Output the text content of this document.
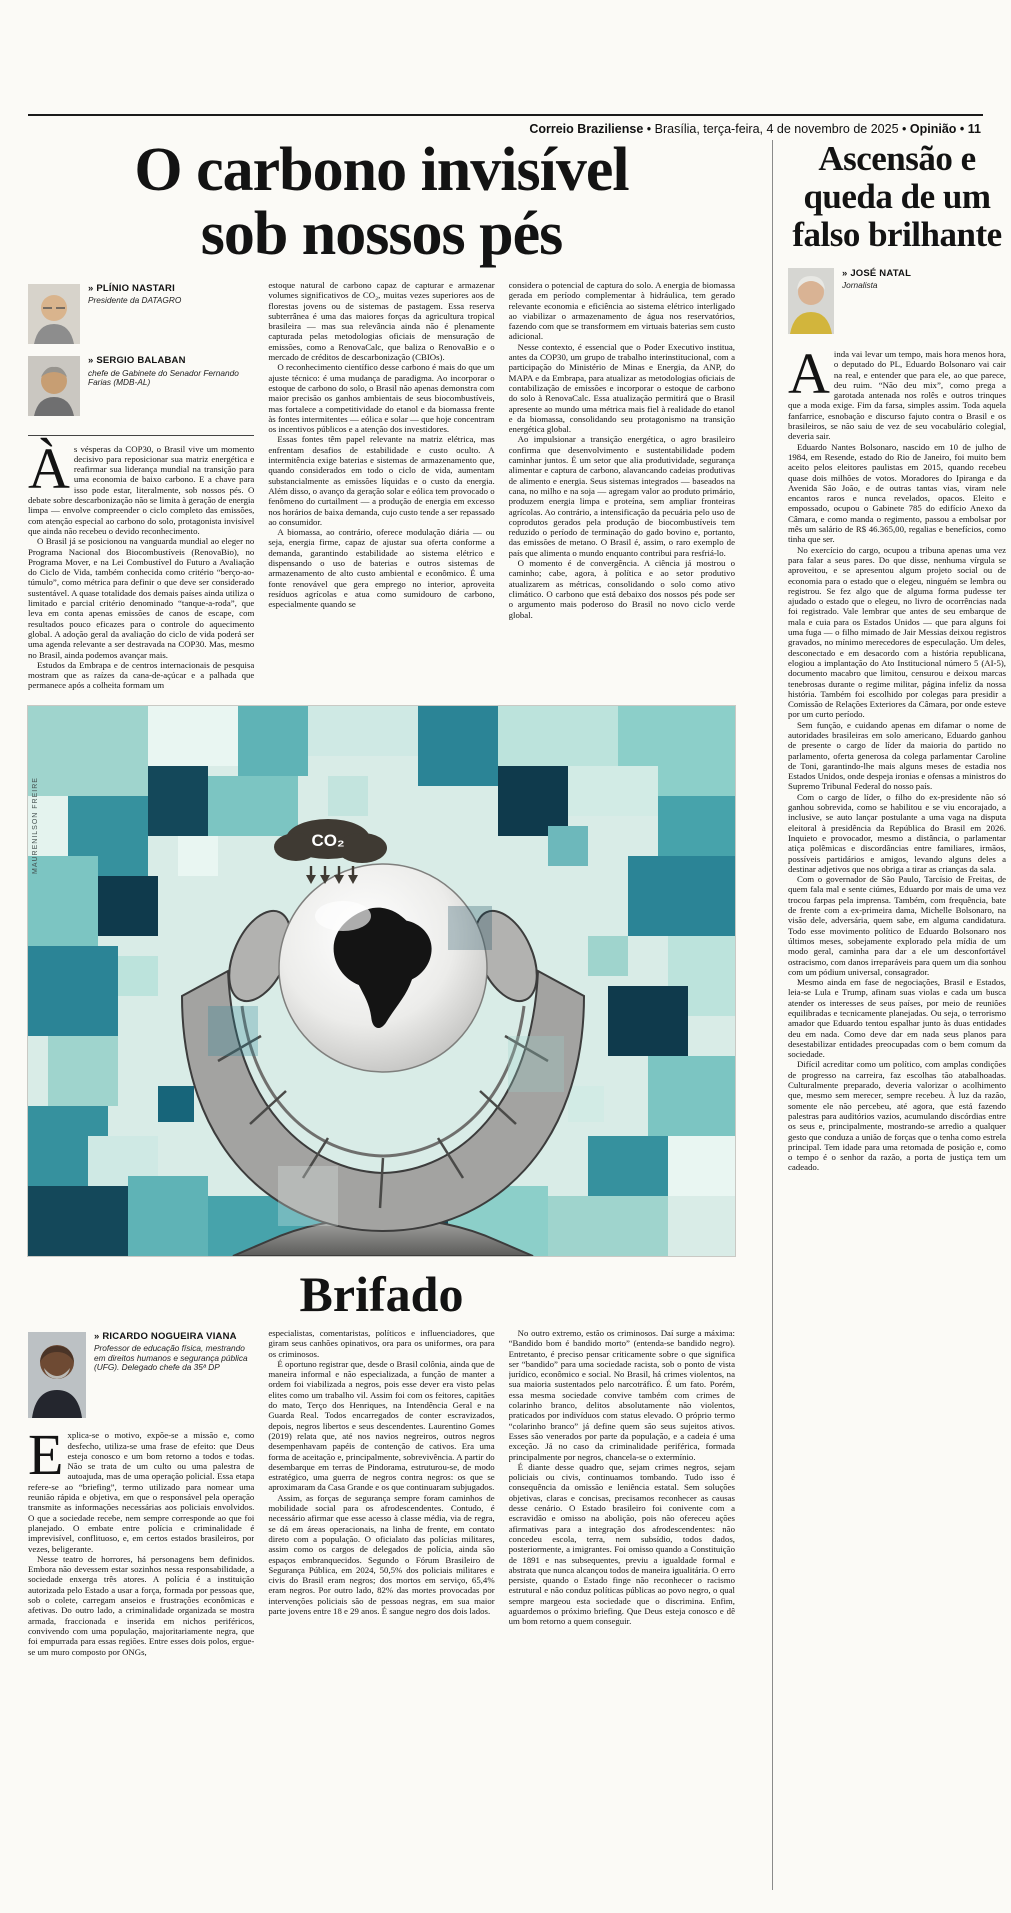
Correio Braziliense • Brasília, terça-feira, 4 de novembro de 2025 • Opinião • 11
O carbono invisível
sob nossos pés
» PLÍNIO NASTARI
Presidente da DATAGRO
» SERGIO BALABAN
chefe de Gabinete do Senador Fernando Farias (MDB-AL)

Às vésperas da COP30, o Brasil vive um momento decisivo para reposicionar sua matriz energética e reafirmar sua liderança mundial na transição para uma economia de baixo carbono. E a chave para isso pode estar, literalmente, sob nossos pés. O debate sobre descarbonização não se limita à geração de energia limpa — envolve compreender o ciclo completo das emissões, com atenção especial ao carbono do solo, protagonista invisível que ainda não recebeu o devido reconhecimento.

O Brasil já se posicionou na vanguarda mundial ao eleger no Programa Nacional dos Biocombustíveis (RenovaBio), no Programa Mover, e na Lei Combustível do Futuro a Avaliação do Ciclo de Vida, também conhecida como critério “berço-ao-túmulo”, como métrica para definir o que deve ser considerado sustentável. A quase totalidade dos demais países ainda utiliza o limitado e parcial critério denominado “tanque-a-roda”, que leva em conta apenas emissões de canos de escape, com resultados pouco eficazes para o controle do aquecimento global. A adoção geral da avaliação do ciclo de vida poderá ser uma agenda relevante a ser destravada na COP30. Mas, mesmo no Brasil, ainda podemos avançar mais.

Estudos da Embrapa e de centros internacionais de pesquisa mostram que as raízes da cana-de-açúcar e a palhada que permanece após a colheita formam um

estoque natural de carbono capaz de capturar e armazenar volumes significativos de CO₂, muitas vezes superiores aos de florestas jovens ou de sistemas de pastagem. Essa reserva subterrânea é uma das maiores forças da agricultura tropical brasileira — mas sua relevância ainda não é plenamente capturada pelas metodologias oficiais de mensuração de emissões, como a RenovaCalc, que baliza o RenovaBio e o mercado de créditos de descarbonização (CBIOs).

O reconhecimento científico desse carbono é mais do que um ajuste técnico: é uma mudança de paradigma. Ao incorporar o estoque de carbono do solo, o Brasil não apenas demonstra com maior precisão os ganhos ambientais de seus biocombustíveis, mas fortalece a competitividade do etanol e da biomassa frente às fontes intermitentes — eólica e solar — que hoje concentram os incentivos públicos e a atenção dos investidores.

Essas fontes têm papel relevante na matriz elétrica, mas enfrentam desafios de estabilidade e custo oculto. A intermitência exige baterias e sistemas de armazenamento que, quando considerados em todo o ciclo de vida, aumentam substancialmente as emissões líquidas e o custo da energia. Além disso, o avanço da geração solar e eólica tem provocado o fenômeno do curtailment — a produção de energia em excesso nos horários de baixa demanda, cujo custo tende a ser repassado ao consumidor.

A biomassa, ao contrário, oferece modulação diária — ou seja, energia firme, capaz de ajustar sua oferta conforme a demanda, garantindo estabilidade ao sistema elétrico e dispensando o uso de baterias e outros sistemas de armazenamento de alto custo ambiental e econômico. É uma fonte renovável que gera emprego no interior, aproveita resíduos agrícolas e atua como sumidouro de carbono, especialmente quando se

considera o potencial de captura do solo. A energia de biomassa gerada em período complementar à hidráulica, tem gerado relevante economia e eficiência ao sistema elétrico interligado ao viabilizar o armazenamento de água nos reservatórios, fazendo com que se transformem em virtuais baterias sem custo adicional.

Nesse contexto, é essencial que o Poder Executivo institua, antes da COP30, um grupo de trabalho interinstitucional, com a participação do Ministério de Minas e Energia, da ANP, do MAPA e da Embrapa, para atualizar as metodologias oficiais de contabilização de emissões e incorporar o estoque de carbono do solo à RenovaCalc. Essa atualização permitirá que o Brasil apresente ao mundo uma métrica mais fiel à realidade do etanol e da biomassa, consolidando seu protagonismo na transição energética global.

Ao impulsionar a transição energética, o agro brasileiro confirma que desenvolvimento e sustentabilidade podem caminhar juntos. É um setor que alia produtividade, segurança alimentar e captura de carbono, alavancando cadeias produtivas de alimento e energia. Seus sistemas integrados — baseados na cana, no milho e na soja — agregam valor ao produto primário, produzem energia limpa e proteína, sem ampliar fronteiras agrícolas. Ao contrário, a intensificação da pecuária pelo uso de coprodutos gerados pela produção de biocombustíveis tem reduzido o período de terminação do gado bovino e, portanto, das emissões de metano. O Brasil é, assim, o raro exemplo de país que alimenta o mundo enquanto contribui para resfriá-lo.

O momento é de convergência. A ciência já mostrou o caminho; cabe, agora, à política e ao setor produtivo atualizarem as métricas, consolidando o solo como ativo climático. O carbono que está debaixo dos nossos pés pode ser o argumento mais poderoso do Brasil no novo ciclo verde global.

CO₂
MAURENILSON FREIRE
Brifado
» RICARDO NOGUEIRA VIANA
Professor de educação física, mestrando em direitos humanos e segurança pública (UFG). Delegado chefe da 35ª DP

Explica-se o motivo, expõe-se a missão e, como desfecho, utiliza-se uma frase de efeito: que Deus esteja conosco e um bom retorno a todos e todas. Não se trata de um culto ou uma palestra de autoajuda, mas de uma operação policial. Essa etapa refere-se ao “briefing”, termo utilizado para nomear uma reunião rápida e objetiva, em que o responsável pela operação transmite as informações necessárias aos policiais envolvidos. O que a sociedade recebe, nem sempre corresponde ao que foi planejado. O embate entre polícia e criminalidade é imprevisível, conflituoso, e, em certos estados brasileiros, por vezes, beligerante.

Nesse teatro de horrores, há personagens bem definidos. Embora não devessem estar sozinhos nessa responsabilidade, a sociedade enxerga três atores. A polícia é a instituição autorizada pelo Estado a usar a força, formada por pessoas que, sob o colete, carregam anseios e frustrações econômicas e afetivas. Do outro lado, a criminalidade organizada se mostra armada, fraccionada e inserida em nichos periféricos, convivendo com uma população, majoritariamente negra, que foi empurrada para essas regiões. Entre esses dois polos, ergue-se um muro composto por ONGs,

especialistas, comentaristas, políticos e influenciadores, que giram seus canhões opinativos, ora para os uniformes, ora para os criminosos.

É oportuno registrar que, desde o Brasil colônia, ainda que de maneira informal e não especializada, a função de manter a ordem foi viabilizada a negros, pois esse dever era visto pelas elites como um trabalho vil. Assim foi com os feitores, capitães do mato, Terço dos Henriques, na Intendência Geral e na Guarda Real. Todos encarregados de conter escravizados, depois, negros libertos e seus descendentes. Laurentino Gomes (2019) relata que, até nos navios negreiros, outros negros desempenhavam papéis de contenção de cativos. Era uma forma de aceitação e, principalmente, sobrevivência. A partir do desembarque em terras de Pindorama, estruturou-se, de modo estratégico, uma guerra de negros contra negros: os que se aproximaram da Casa Grande e os que continuaram subjugados.

Assim, as forças de segurança sempre foram caminhos de mobilidade social para os afrodescendentes. Contudo, é necessário afirmar que esse acesso à classe média, via de regra, se dá em áreas operacionais, na linha de frente, em contato direto com a população. O oficialato das polícias militares, assim como os cargos de delegados de polícia, ainda são espaços embranquecidos. Segundo o Fórum Brasileiro de Segurança Pública, em 2024, 50,5% dos policiais militares e civis do Brasil eram negros; dos mortos em serviço, 65,4% eram negros. Por outro lado, 82% das mortes provocadas por intervenções policiais são de pessoas negras, em sua maior parte jovens entre 18 e 29 anos. É sangue negro dos dois lados.

No outro extremo, estão os criminosos. Daí surge a máxima: “Bandido bom é bandido morto” (entenda-se bandido negro). Entretanto, é preciso pensar criticamente sobre o que significa ser “bandido” para uma sociedade racista, sob o ponto de vista jurídico, econômico e social. No Brasil, há crimes violentos, na sua maioria sustentados pelo narcotráfico. É um fato. Porém, essa mesma sociedade convive também com crimes de colarinho branco, delitos absolutamente não violentos, praticados por indivíduos com status elevado. O próprio termo “colarinho branco” já define quem são seus sujeitos ativos. Esses são venerados por parte da população, e a cadeia é uma exceção. Já no caso da criminalidade periférica, formada principalmente por negros, chancela-se o extermínio.

É diante desse quadro que, sejam crimes negros, sejam policiais ou civis, continuamos tombando. Tudo isso é consequência da omissão e leniência estatal. Sem soluções objetivas, claras e concisas, precisamos reconhecer as causas desse cenário. O Estado brasileiro foi conivente com a escravidão e omisso na abolição, pois não ofereceu ações afirmativas para a integração dos afrodescendentes: não concedeu escola, terra, nem subsídio, todos dados, posteriormente, a imigrantes. Foi omisso quando a Constituição de 1891 e nas subsequentes, previu a igualdade formal e abstrata que nunca alcançou todos de maneira igualitária. O erro persiste, quando o Estado finge não reconhecer o racismo estrutural e não conduz políticas públicas ao povo negro, o qual sempre margeou esta sociedade que o discrimina. Enfim, aguardemos o próximo briefing. Que Deus esteja conosco e dê um bom retorno a quem conseguir.

Ascensão e queda de um falso brilhante
» JOSÉ NATAL
Jornalista

Ainda vai levar um tempo, mais hora menos hora, o deputado do PL, Eduardo Bolsonaro vai cair na real, e entender que para ele, ao que parece, deu ruim. “Não deu mix”, como prega a garotada antenada nos rolês e outros trinques que a moda exige. Fim da farsa, simples assim. Toda aquela fanfarrice, esnobação e discurso fajuto contra o Brasil e os brasileiros, se não saiu de vez de seu vocabulário colegial, deveria sair.

Eduardo Nantes Bolsonaro, nascido em 10 de julho de 1984, em Resende, estado do Rio de Janeiro, foi muito bem aceito pelos eleitores paulistas em 2015, quando recebeu quase dois milhões de votos. Moradores do Ipiranga e da Avenida São João, e de outras tantas vias, viram nele encantos raros e nunca revelados, opacos. Eleito e empossado, ocupou o Gabinete 785 do edifício Anexo da Câmara, e como manda o regimento, passou a embolsar por mês um salário de R$ 46.365,00, regalias e benefícios, como tinha que ser.

No exercício do cargo, ocupou a tribuna apenas uma vez para falar a seus pares. Do que disse, nenhuma vírgula se aproveitou, e se apresentou algum projeto social ou de economia para o estado que o elegeu, ninguém se lembra ou registrou. Se fez algo que de alguma forma pudesse ter ajudado o estado que o elegeu, no livro de ocorrências nada foi registrado. Vale lembrar que antes de seu embarque de mala e cuia para os Estados Unidos — que para alguns foi uma fuga — o filho mimado de Jair Messias deixou registros gravados, no mínimo merecedores de especulação. Um deles, desconectado e em desacordo com a história republicana, elogiou a implantação do Ato Institucional número 5 (AI-5), documento macabro que limitou, censurou e deixou marcas tenebrosas durante o regime militar, página infeliz da nossa história. Também foi escolhido por colegas para presidir a Comissão de Relações Exteriores da Câmara, por onde esteve por um curto período.

Sem função, e cuidando apenas em difamar o nome de autoridades brasileiras em solo americano, Eduardo ganhou de presente o cargo de líder da maioria do partido no parlamento, oferta generosa da colega parlamentar Caroline de Toni, garantindo-lhe mais alguns meses de estadia nos Estados Unidos, onde despeja ironias e ofensas a ministros do Supremo Tribunal Federal do nosso país.

Com o cargo de líder, o filho do ex-presidente não só ganhou sobrevida, como se habilitou e se viu encorajado, a inclusive, se auto lançar postulante a uma vaga na disputa eleitoral à presidência da República do Brasil em 2026. Inquieto e provocador, mesmo a distância, o parlamentar atiça polêmicas e discordâncias entre familiares, irmãos, possíveis partidários e amigos, levando alguns deles a destinar adjetivos que nos obriga a tirar as crianças da sala.

Com o governador de São Paulo, Tarcísio de Freitas, de quem fala mal e sente ciúmes, Eduardo por mais de uma vez trocou farpas pela imprensa. Também, com frequência, bate de frente com a ex-primeira dama, Michelle Bolsonaro, na visão dele, adversária, quem sabe, em alguma candidatura. Todo esse movimento político de Eduardo Bolsonaro nos últimos meses, sobejamente explorado pela mídia de um modo geral, caminha para dar a ele um desconfortável ostracismo, com danos irreparáveis para quem um dia sonhou com um pódium universal, consagrador.

Mesmo ainda em fase de negociações, Brasil e Estados, leia-se Lula e Trump, afinam suas violas e cada um busca atender os interesses de seus países, por meio de reuniões equilibradas e tecnicamente planejadas. Ou seja, o terrorismo amador que Eduardo tentou espalhar junto às duas entidades deu em nada. Como deve dar em nada seus planos para desestabilizar entidades preocupadas com o bem comum da sociedade.

Difícil acreditar como um político, com amplas condições de progresso na carreira, faz escolhas tão atabalhoadas. Culturalmente preparado, deveria valorizar o acolhimento que, mesmo sem merecer, sempre recebeu. À luz da razão, somente ele não percebeu, até agora, que está fazendo palestras para auditórios vazios, acumulando discórdias entre os seus e, principalmente, mostrando-se arredio a qualquer gesto que conduza a união de forças que o tenha como estrela principal. Tem idade para uma retomada de posição e, como o tempo é o senhor da razão, a porta de justiça tem um cadeado.
